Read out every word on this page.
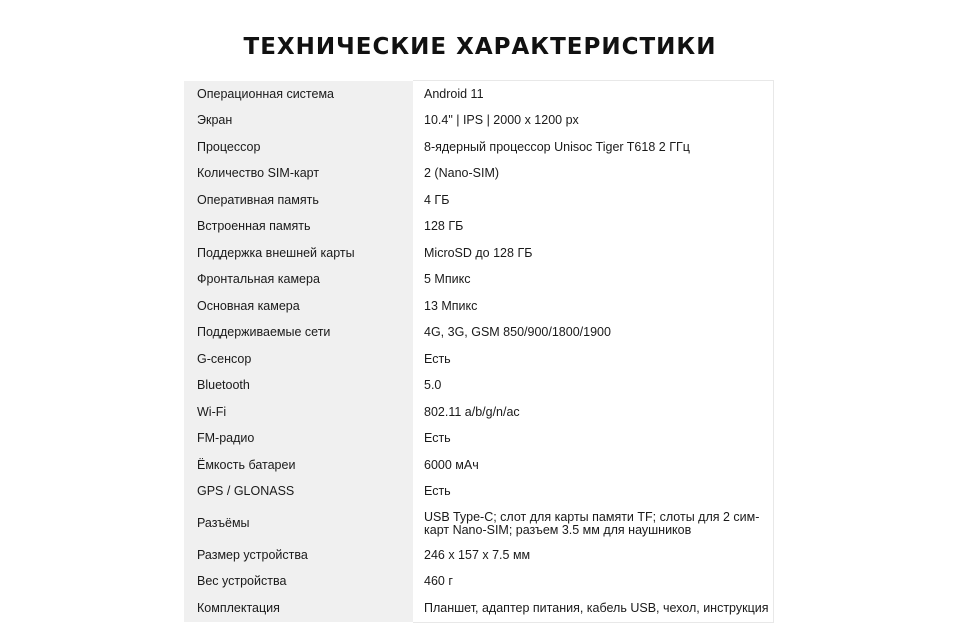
ТЕХНИЧЕСКИЕ ХАРАКТЕРИСТИКИ
Операционная система	Android 11
Экран	10.4" | IPS | 2000 x 1200 px
Процессор	8-ядерный процессор Unisoc Tiger T618 2 ГГц
Количество SIM-карт	2 (Nano-SIM)
Оперативная память	4 ГБ
Встроенная память	128 ГБ
Поддержка внешней карты	MicroSD до 128 ГБ
Фронтальная камера	5 Мпикс
Основная камера	13 Мпикс
Поддерживаемые сети	4G, 3G, GSM 850/900/1800/1900
G-сенсор	Есть
Bluetooth	5.0
Wi-Fi	802.11 a/b/g/n/ac
FM-радио	Есть
Ёмкость батареи	6000 мАч
GPS / GLONASS	Есть
Разъёмы	USB Type-C; слот для карты памяти TF; слоты для 2 сим-карт Nano-SIM; разъем 3.5 мм для наушников
Размер устройства	246 x 157 x 7.5 мм
Вес устройства	460 г
Комплектация	Планшет, адаптер питания, кабель USB, чехол, инструкция
